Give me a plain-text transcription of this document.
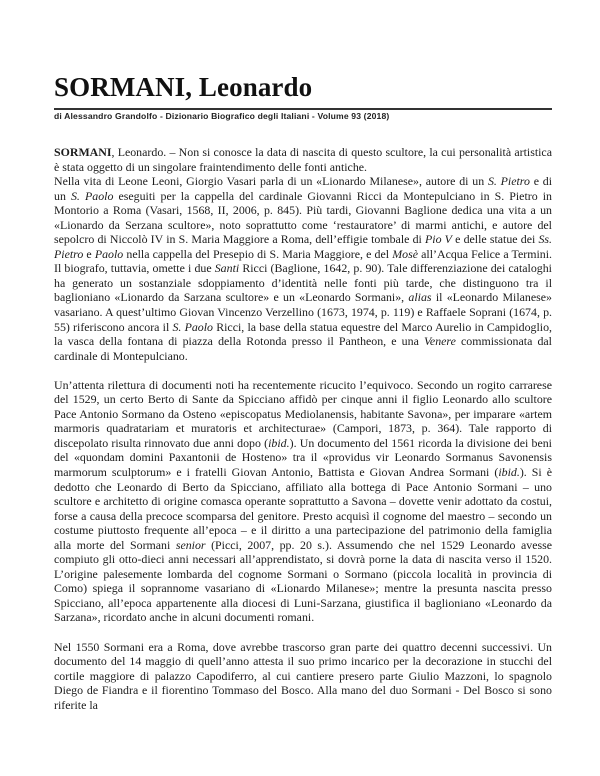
SORMANI, Leonardo
di Alessandro Grandolfo - Dizionario Biografico degli Italiani - Volume 93 (2018)

SORMANI, Leonardo. – Non si conosce la data di nascita di questo scultore, la cui personalità artistica è stata oggetto di un singolare fraintendimento delle fonti antiche.

Nella vita di Leone Leoni, Giorgio Vasari parla di un «Lionardo Milanese», autore di un S. Pietro e di un S. Paolo eseguiti per la cappella del cardinale Giovanni Ricci da Montepulciano in S. Pietro in Montorio a Roma (Vasari, 1568, II, 2006, p. 845). Più tardi, Giovanni Baglione dedica una vita a un «Lionardo da Serzana scultore», noto soprattutto come ‘restauratore’ di marmi antichi, e autore del sepolcro di Niccolò IV in S. Maria Maggiore a Roma, dell’effigie tombale di Pio V e delle statue dei Ss. Pietro e Paolo nella cappella del Presepio di S. Maria Maggiore, e del Mosè all’Acqua Felice a Termini. Il biografo, tuttavia, omette i due Santi Ricci (Baglione, 1642, p. 90). Tale differenziazione dei cataloghi ha generato un sostanziale sdoppiamento d’identità nelle fonti più tarde, che distinguono tra il baglioniano «Lionardo da Sarzana scultore» e un «Leonardo Sormani», alias il «Leonardo Milanese» vasariano. A quest’ultimo Giovan Vincenzo Verzellino (1673, 1974, p. 119) e Raffaele Soprani (1674, p. 55) riferiscono ancora il S. Paolo Ricci, la base della statua equestre del Marco Aurelio in Campidoglio, la vasca della fontana di piazza della Rotonda presso il Pantheon, e una Venere commissionata dal cardinale di Montepulciano.

Un’attenta rilettura di documenti noti ha recentemente ricucito l’equivoco. Secondo un rogito carrarese del 1529, un certo Berto di Sante da Spicciano affidò per cinque anni il figlio Leonardo allo scultore Pace Antonio Sormano da Osteno «episcopatus Mediolanensis, habitante Savona», per imparare «artem marmoris quadratariam et muratoris et architecturae» (Campori, 1873, p. 364). Tale rapporto di discepolato risulta rinnovato due anni dopo (ibid.). Un documento del 1561 ricorda la divisione dei beni del «quondam domini Paxantonii de Hosteno» tra il «providus vir Leonardo Sormanus Savonensis marmorum sculptorum» e i fratelli Giovan Antonio, Battista e Giovan Andrea Sormani (ibid.). Si è dedotto che Leonardo di Berto da Spicciano, affiliato alla bottega di Pace Antonio Sormani – uno scultore e architetto di origine comasca operante soprattutto a Savona – dovette venir adottato da costui, forse a causa della precoce scomparsa del genitore. Presto acquisì il cognome del maestro – secondo un costume piuttosto frequente all’epoca – e il diritto a una partecipazione del patrimonio della famiglia alla morte del Sormani senior (Picci, 2007, pp. 20 s.). Assumendo che nel 1529 Leonardo avesse compiuto gli otto-dieci anni necessari all’apprendistato, si dovrà porne la data di nascita verso il 1520. L’origine palesemente lombarda del cognome Sormani o Sormano (piccola località in provincia di Como) spiega il soprannome vasariano di «Lionardo Milanese»; mentre la presunta nascita presso Spicciano, all’epoca appartenente alla diocesi di Luni-Sarzana, giustifica il baglioniano «Leonardo da Sarzana», ricordato anche in alcuni documenti romani.

Nel 1550 Sormani era a Roma, dove avrebbe trascorso gran parte dei quattro decenni successivi. Un documento del 14 maggio di quell’anno attesta il suo primo incarico per la decorazione in stucchi del cortile maggiore di palazzo Capodiferro, al cui cantiere presero parte Giulio Mazzoni, lo spagnolo Diego de Fiandra e il fiorentino Tommaso del Bosco. Alla mano del duo Sormani - Del Bosco si sono riferite la
